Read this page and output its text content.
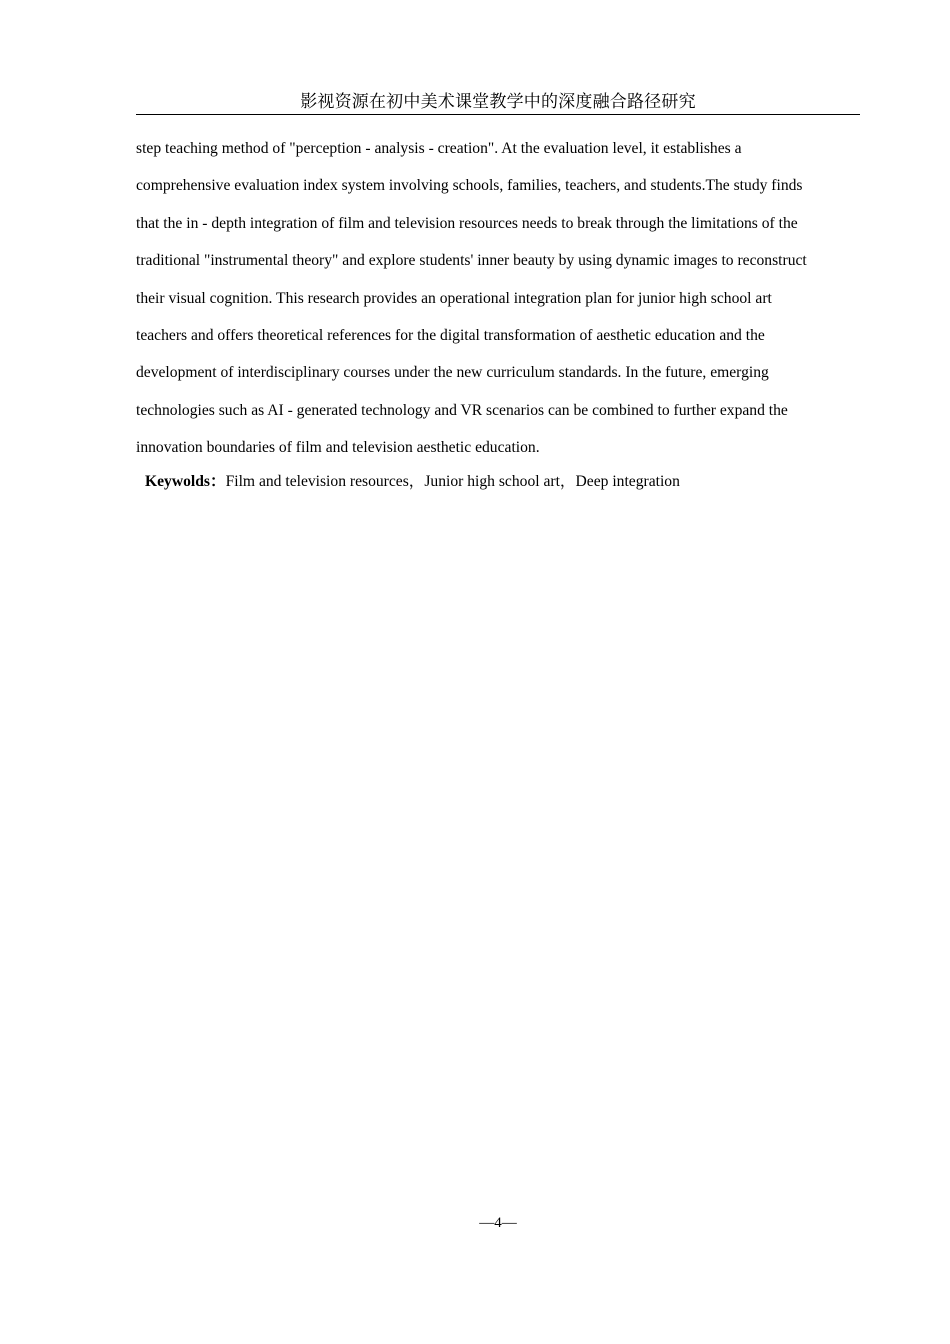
影视资源在初中美术课堂教学中的深度融合路径研究
step teaching method of "perception - analysis - creation". At the evaluation level, it establishes a
comprehensive evaluation index system involving schools, families, teachers, and students.The study finds
that the in - depth integration of film and television resources needs to break through the limitations of the
traditional "instrumental theory" and explore students' inner beauty by using dynamic images to reconstruct
their visual cognition. This research provides an operational integration plan for junior high school art
teachers and offers theoretical references for the digital transformation of aesthetic education and the
development of interdisciplinary courses under the new curriculum standards. In the future, emerging
technologies such as AI - generated technology and VR scenarios can be combined to further expand the
innovation boundaries of film and television aesthetic education.
Keywolds：Film and television resources，Junior high school art，Deep integration
—4—
